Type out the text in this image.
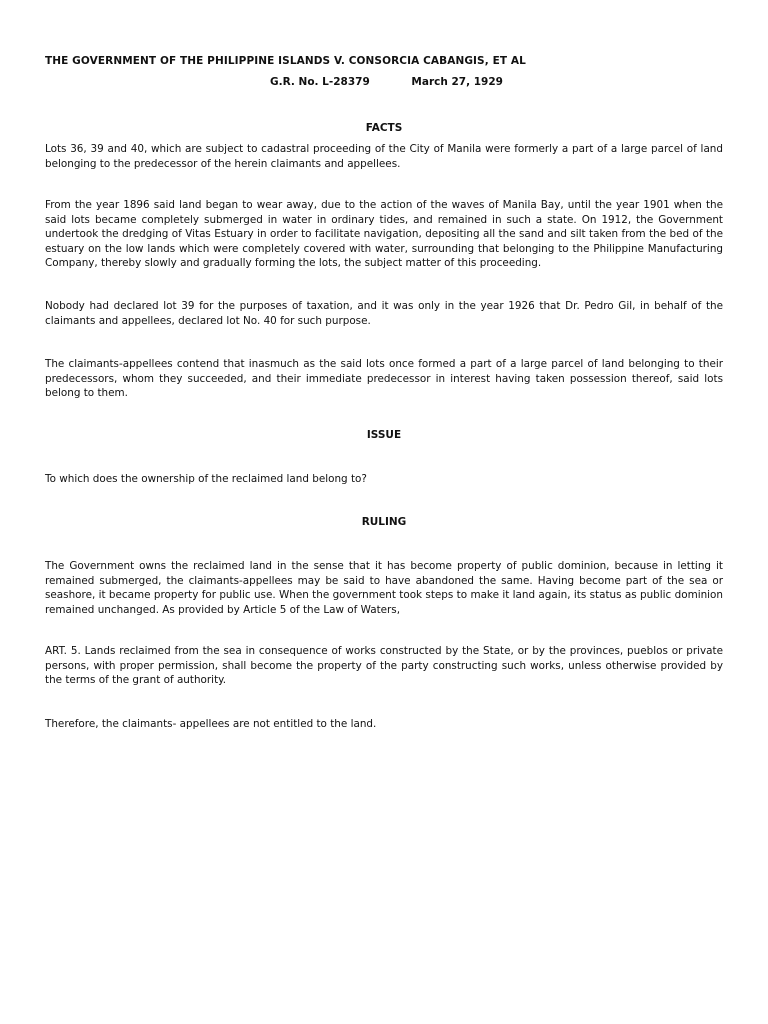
THE GOVERNMENT OF THE PHILIPPINE ISLANDS V. CONSORCIA CABANGIS, ET AL
G.R. No. L-28379	March 27, 1929
FACTS
Lots 36, 39 and 40, which are subject to cadastral proceeding of the City of Manila were formerly a part of a large parcel of land belonging to the predecessor of the herein claimants and appellees.
From the year 1896 said land began to wear away, due to the action of the waves of Manila Bay, until the year 1901 when the said lots became completely submerged in water in ordinary tides, and remained in such a state. On 1912, the Government undertook the dredging of Vitas Estuary in order to facilitate navigation, depositing all the sand and silt taken from the bed of the estuary on the low lands which were completely covered with water, surrounding that belonging to the Philippine Manufacturing Company, thereby slowly and gradually forming the lots, the subject matter of this proceeding.
Nobody had declared lot 39 for the purposes of taxation, and it was only in the year 1926 that Dr. Pedro Gil, in behalf of the claimants and appellees, declared lot No. 40 for such purpose.
The claimants-appellees contend that inasmuch as the said lots once formed a part of a large parcel of land belonging to their predecessors, whom they succeeded, and their immediate predecessor in interest having taken possession thereof, said lots belong to them.
ISSUE
To which does the ownership of the reclaimed land belong to?
RULING
The Government owns the reclaimed land in the sense that it has become property of public dominion, because in letting it remained submerged, the claimants-appellees may be said to have abandoned the same. Having become part of the sea or seashore, it became property for public use. When the government took steps to make it land again, its status as public dominion remained unchanged. As provided by Article 5 of the Law of Waters,
ART. 5. Lands reclaimed from the sea in consequence of works constructed by the State, or by the provinces, pueblos or private persons, with proper permission, shall become the property of the party constructing such works, unless otherwise provided by the terms of the grant of authority.
Therefore, the claimants- appellees are not entitled to the land.
